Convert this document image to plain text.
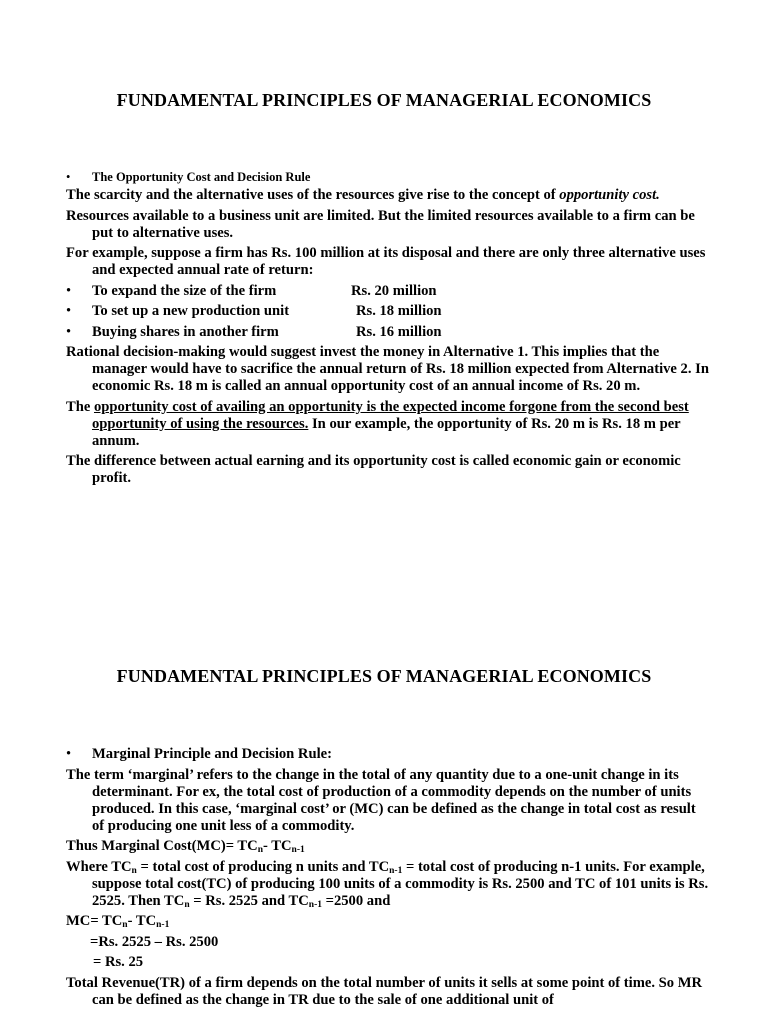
FUNDAMENTAL PRINCIPLES OF MANAGERIAL ECONOMICS
•	The Opportunity Cost and Decision Rule
The scarcity and the alternative uses of the resources give rise to the concept of opportunity cost.
Resources available to a business unit are limited. But the limited resources available to a firm can be put to alternative uses.
For example, suppose a firm has Rs. 100 million at its disposal and there are only three alternative uses and expected annual rate of return:
•	To expand the size of the firm	Rs. 20 million
•	To set up a new production unit	Rs. 18 million
•	Buying shares in another firm	Rs. 16 million
Rational decision-making would suggest invest the money in Alternative 1. This implies that the manager would have to sacrifice the annual return of Rs. 18 million expected from Alternative 2. In economic Rs. 18 m is called an annual opportunity cost of an annual income of Rs. 20 m.
The opportunity cost of availing an opportunity is the expected income forgone from the second best opportunity of using the resources. In our example, the opportunity of Rs. 20 m is Rs. 18 m per annum.
The difference between actual earning and its opportunity cost is called economic gain or economic profit.
FUNDAMENTAL PRINCIPLES OF MANAGERIAL ECONOMICS
•	Marginal Principle and Decision Rule:
The term ‘marginal’ refers to the change in the total of any quantity due to a one-unit change in its determinant. For ex, the total cost of production of a commodity depends on the number of units produced. In this case, ‘marginal cost’ or (MC) can be defined as the change in total cost as result of producing one unit less of a commodity.
Thus Marginal Cost(MC)= $TC_n-$ $TC_{n-1}$
Where $TC_n$ = total cost of producing n units and $TC_{n-1}$ = total cost of producing n-1 units. For example, suppose total cost(TC) of producing 100 units of a commodity is Rs. 2500 and TC of 101 units is Rs. 2525. Then $TC_n = Rs$. 2525 and $TC_{n-1} =2500$ and
$MC= TC_n-$ $TC_{n-1}$
=Rs. 2525 – Rs. 2500
= Rs. 25
Total Revenue(TR) of a firm depends on the total number of units it sells at some point of time. So MR can be defined as the change in TR due to the sale of one additional unit of
